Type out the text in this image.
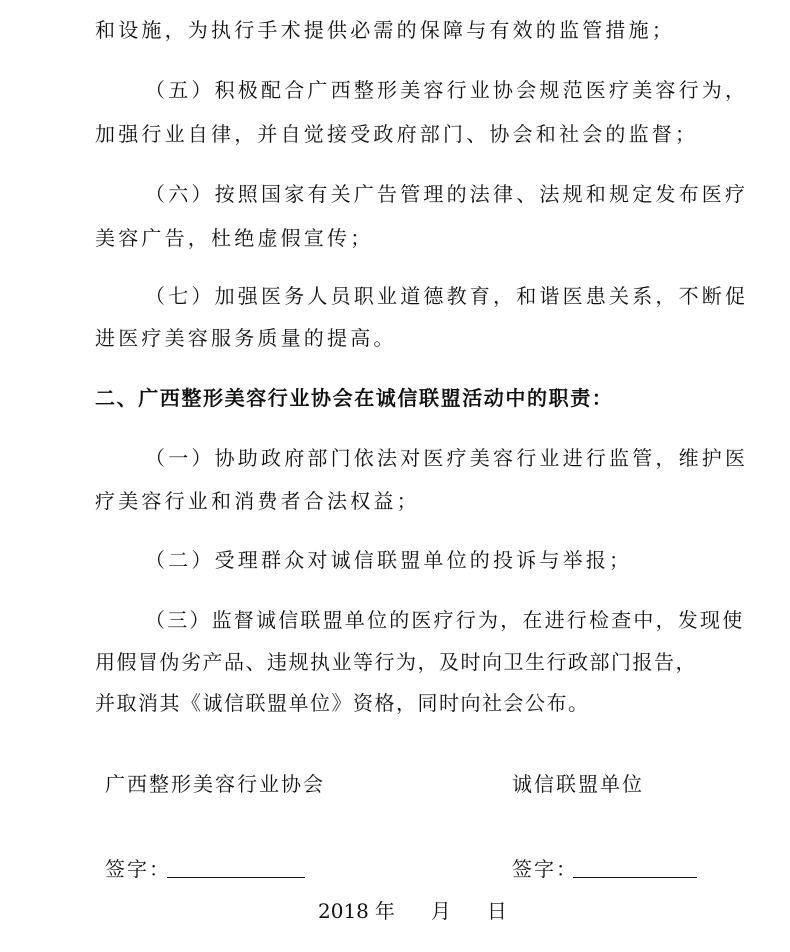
和设施，为执行手术提供必需的保障与有效的监管措施；
（五）积极配合广西整形美容行业协会规范医疗美容行为，
加强行业自律，并自觉接受政府部门、协会和社会的监督；
（六）按照国家有关广告管理的法律、法规和规定发布医疗
美容广告，杜绝虚假宣传；
（七）加强医务人员职业道德教育，和谐医患关系，不断促
进医疗美容服务质量的提高。
二、广西整形美容行业协会在诚信联盟活动中的职责：
（一）协助政府部门依法对医疗美容行业进行监管，维护医
疗美容行业和消费者合法权益；
（二）受理群众对诚信联盟单位的投诉与举报；
（三）监督诚信联盟单位的医疗行为，在进行检查中，发现使
用假冒伪劣产品、违规执业等行为，及时向卫生行政部门报告，
并取消其《诚信联盟单位》资格，同时向社会公布。
广西整形美容行业协会	诚信联盟单位
签字：	签字：
2018 年 月 日
